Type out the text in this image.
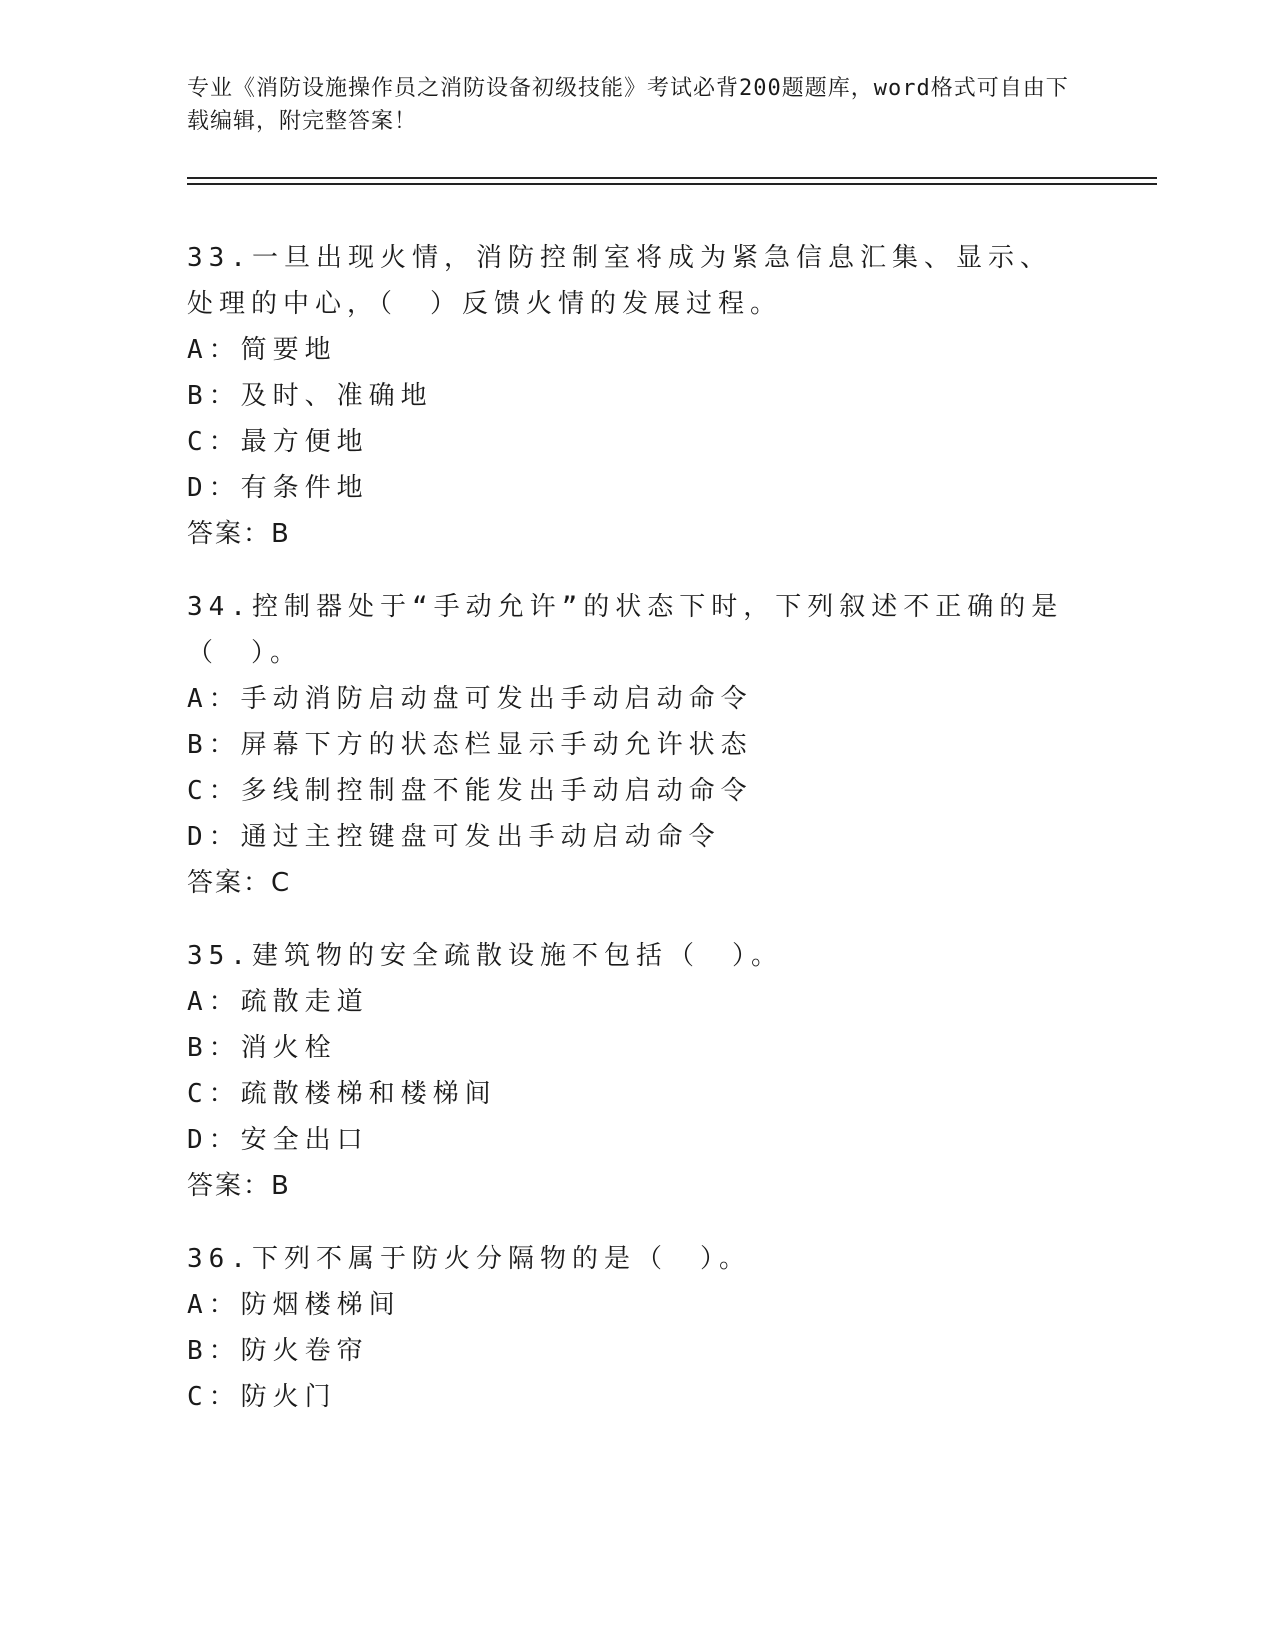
专业《消防设施操作员之消防设备初级技能》考试必背200题题库，word格式可自由下载编辑，附完整答案！
33.一旦出现火情，消防控制室将成为紧急信息汇集、显示、处理的中心，（　）反馈火情的发展过程。
A：简要地
B：及时、准确地
C：最方便地
D：有条件地
答案：B
34.控制器处于“手动允许”的状态下时，下列叙述不正确的是（　）。
A：手动消防启动盘可发出手动启动命令
B：屏幕下方的状态栏显示手动允许状态
C：多线制控制盘不能发出手动启动命令
D：通过主控键盘可发出手动启动命令
答案：C
35.建筑物的安全疏散设施不包括（　）。
A：疏散走道
B：消火栓
C：疏散楼梯和楼梯间
D：安全出口
答案：B
36.下列不属于防火分隔物的是（　）。
A：防烟楼梯间
B：防火卷帘
C：防火门
